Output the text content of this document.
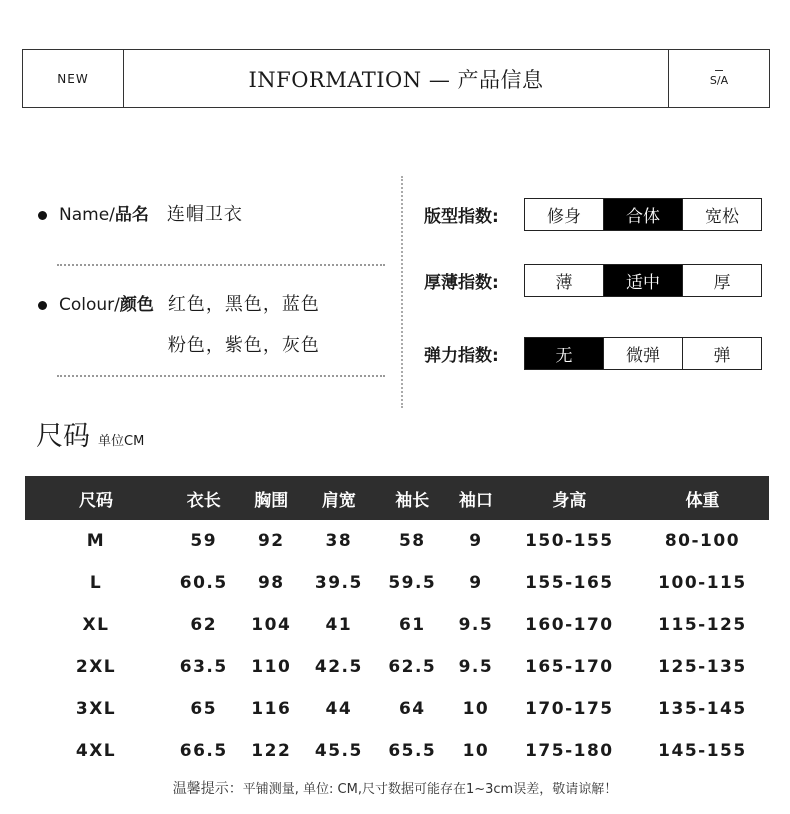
NEW	INFORMATION — 产品信息	S/A
Name/品名 连帽卫衣
Colour/颜色 红色，黑色，蓝色
粉色，紫色，灰色
版型指数:	修身	合体	宽松
厚薄指数:	薄	适中	厚
弹力指数:	无	微弹	弹
尺码 单位CM
尺码	衣长	胸围	肩宽	袖长	袖口	身高	体重
M	59	92	38	58	9	150-155	80-100
L	60.5	98	39.5	59.5	9	155-165	100-115
XL	62	104	41	61	9.5	160-170	115-125
2XL	63.5	110	42.5	62.5	9.5	165-170	125-135
3XL	65	116	44	64	10	170-175	135-145
4XL	66.5	122	45.5	65.5	10	175-180	145-155
温馨提示：平铺测量, 单位: CM,尺寸数据可能存在1~3cm误差，敬请谅解！
